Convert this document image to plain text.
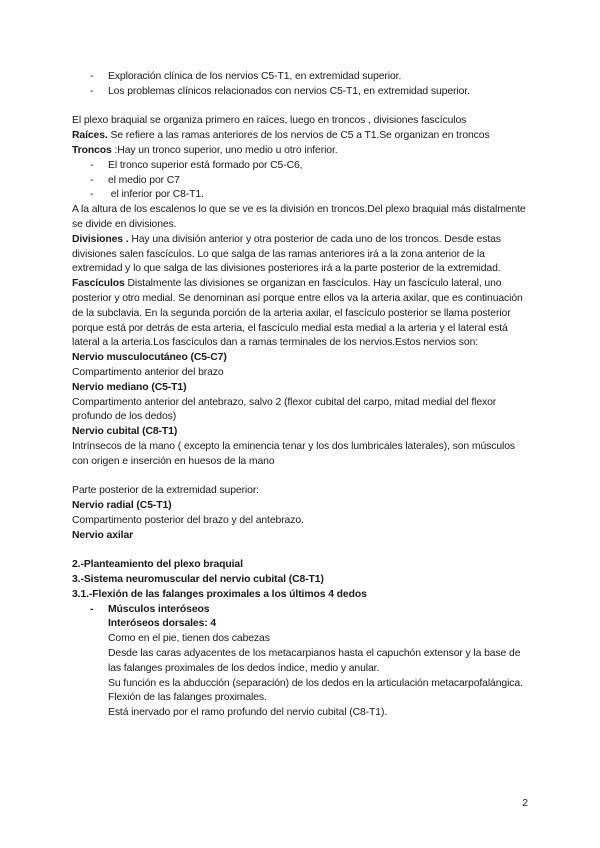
- Exploración clínica de los nervios C5-T1, en extremidad superior.
- Los problemas clínicos relacionados con nervios C5-T1, en extremidad superior.

El plexo braquial se organiza primero en raíces, luego en troncos , divisiones fascículos

Raíces. Se refiere a las ramas anteriores de los nervios de C5 a T1.Se organizan en troncos

Troncos :Hay un tronco superior, uno medio u otro inferior.

- El tronco superior está formado por C5-C6,
- el medio por C7
- el inferior por C8-T1.

A la altura de los escalenos lo que se ve es la división en troncos.Del plexo braquial más distalmente se divide en divisiones.

Divisiones . Hay una división anterior y otra posterior de cada uno de los troncos. Desde estas divisiones salen fascículos. Lo que salga de las ramas anteriores irá a la zona anterior de la extremidad y lo que salga de las divisiones posteriores irá a la parte posterior de la extremidad.

Fascículos Distalmente las divisiones se organizan en fascículos. Hay un fascículo lateral, uno posterior y otro medial. Se denominan así porque entre ellos va la arteria axilar, que es continuación de la subclavia. En la segunda porción de la arteria axilar, el fascículo posterior se llama posterior porque está por detrás de esta arteria, el fascículo medial esta medial a la arteria y el lateral está lateral a la arteria.Los fascículos dan a ramas terminales de los nervios.Estos nervios son:

Nervio musculocutáneo (C5-C7)

Compartimento anterior del brazo

Nervio mediano (C5-T1)

Compartimento anterior del antebrazo, salvo 2 (flexor cubital del carpo, mitad medial del flexor profundo de los dedos)

Nervio cubital (C8-T1)

Intrínsecos de la mano ( excepto la eminencia tenar y los dos lumbricales laterales), son músculos con origen e inserción en huesos de la mano

Parte posterior de la extremidad superior:

Nervio radial (C5-T1)

Compartimento posterior del brazo y del antebrazo.

Nervio axilar

2.-Planteamiento del plexo braquial

3.-Sistema neuromuscular del nervio cubital (C8-T1)

3.1.-Flexión de las falanges proximales a los últimos 4 dedos

- Músculos interóseos

Interóseos dorsales: 4

Como en el pie, tienen dos cabezas

Desde las caras adyacentes de los metacarpianos hasta el capuchón extensor y la base de las falanges proximales de los dedos índice, medio y anular.

Su función es la abducción (separación) de los dedos en la articulación metacarpofalángica. Flexión de las falanges proximales.

Está inervado por el ramo profundo del nervio cubital (C8-T1).

2
